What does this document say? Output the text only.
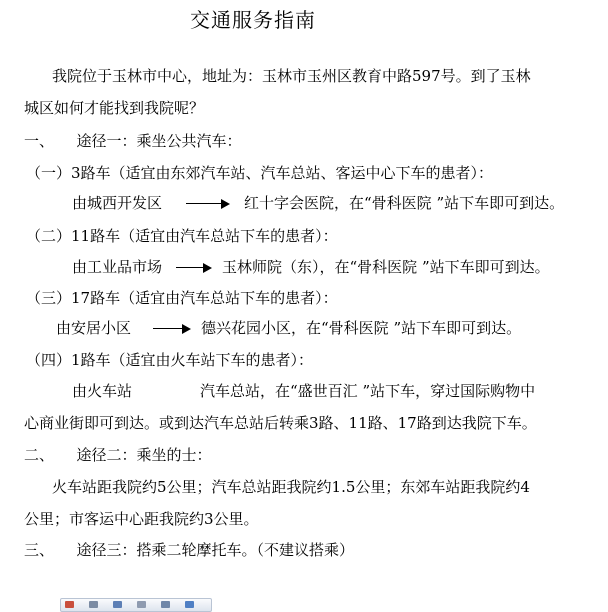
交通服务指南
我院位于玉林市中心，地址为：玉林市玉州区教育中路597号。到了玉林
城区如何才能找到我院呢？
一、　　途径一：乘坐公共汽车：
（一）3路车（适宜由东郊汽车站、汽车总站、客运中心下车的患者）：
由城西开发区	红十字会医院，在“骨科医院 ”站下车即可到达。
（二）11路车（适宜由汽车总站下车的患者）：
由工业品市场	玉林师院（东），在“骨科医院 ”站下车即可到达。
（三）17路车（适宜由汽车总站下车的患者）：
由安居小区	德兴花园小区，在“骨科医院 ”站下车即可到达。
（四）1路车（适宜由火车站下车的患者）：
由火车站	汽车总站，在“盛世百汇 ”站下车，穿过国际购物中
心商业街即可到达。或到达汽车总站后转乘3路、11路、17路到达我院下车。
二、　　途径二：乘坐的士：
火车站距我院约5公里；汽车总站距我院约1.5公里；东郊车站距我院约4
公里；市客运中心距我院约3公里。
三、　　途径三：搭乘二轮摩托车。（不建议搭乘）
